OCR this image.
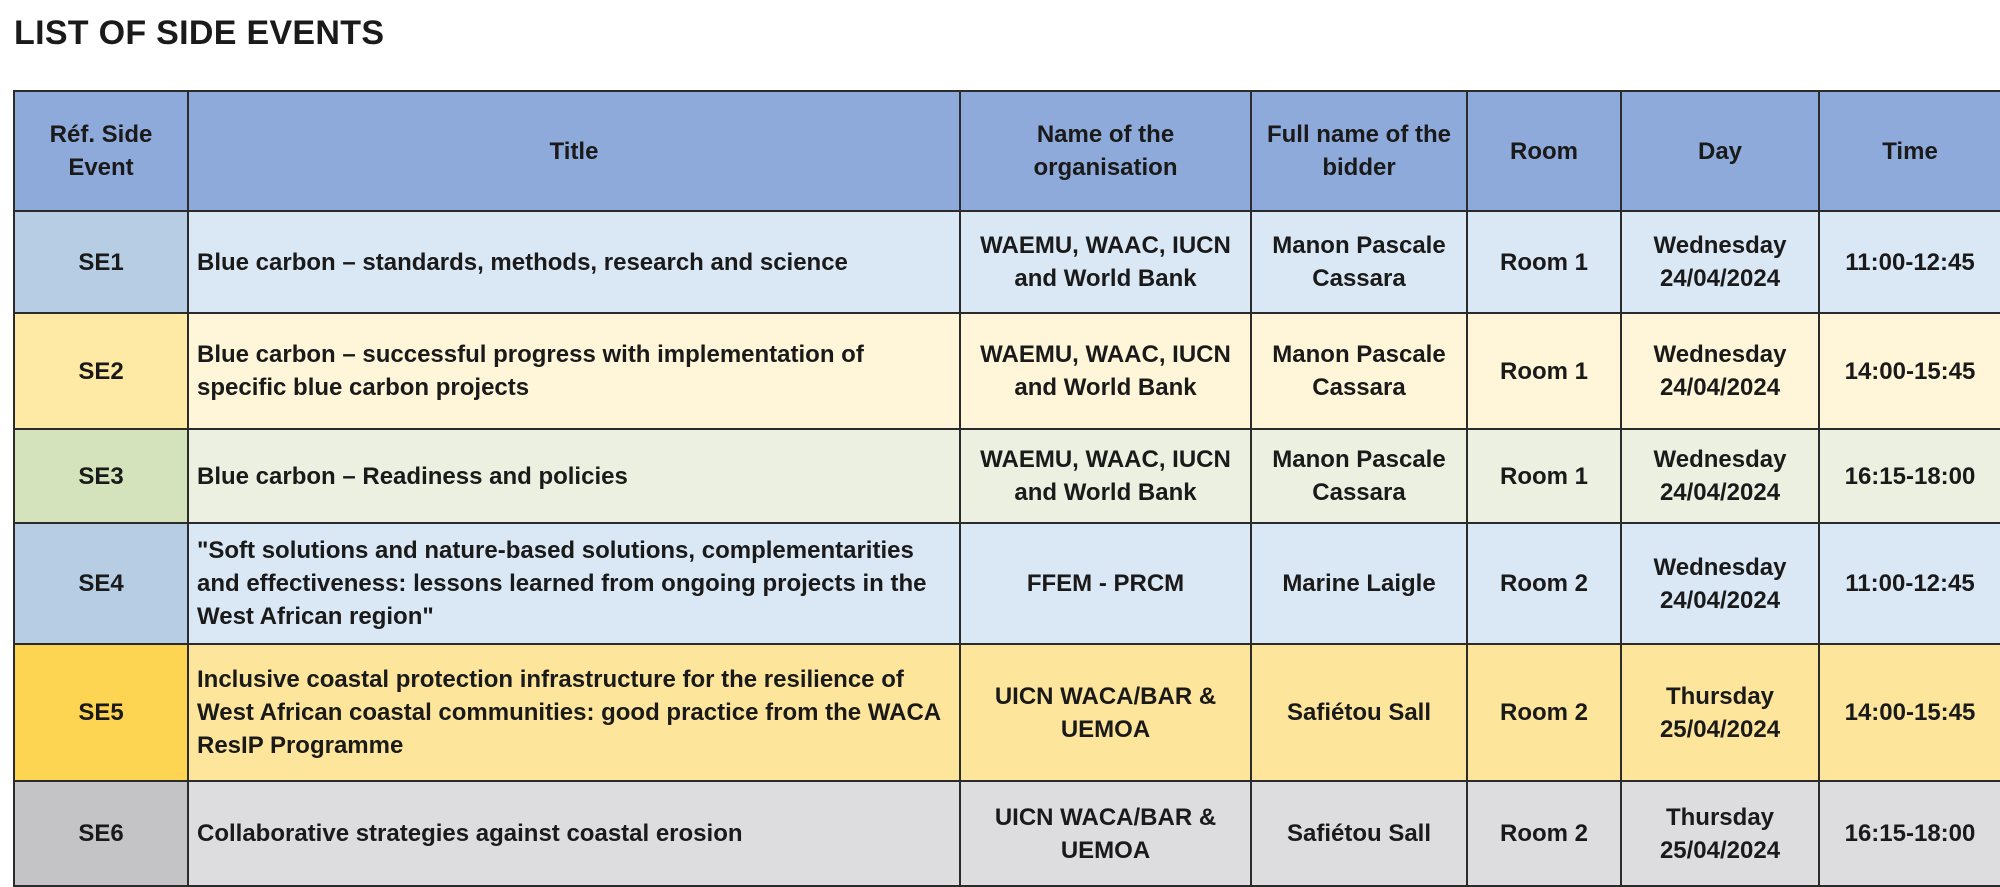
LIST OF SIDE EVENTS
Réf. Side Event	Title	Name of the organisation	Full name of the bidder	Room	Day	Time
SE1	Blue carbon – standards, methods, research and science	WAEMU, WAAC, IUCN and World Bank	Manon Pascale Cassara	Room 1	Wednesday 24/04/2024	11:00-12:45
SE2	Blue carbon – successful progress with implementation of specific blue carbon projects	WAEMU, WAAC, IUCN and World Bank	Manon Pascale Cassara	Room 1	Wednesday 24/04/2024	14:00-15:45
SE3	Blue carbon – Readiness and policies	WAEMU, WAAC, IUCN and World Bank	Manon Pascale Cassara	Room 1	Wednesday 24/04/2024	16:15-18:00
SE4	"Soft solutions and nature-based solutions, complementarities and effectiveness: lessons learned from ongoing projects in the West African region"	FFEM - PRCM	Marine Laigle	Room 2	Wednesday 24/04/2024	11:00-12:45
SE5	Inclusive coastal protection infrastructure for the resilience of West African coastal communities: good practice from the WACA ResIP Programme	UICN WACA/BAR & UEMOA	Safiétou Sall	Room 2	Thursday 25/04/2024	14:00-15:45
SE6	Collaborative strategies against coastal erosion	UICN WACA/BAR & UEMOA	Safiétou Sall	Room 2	Thursday 25/04/2024	16:15-18:00
